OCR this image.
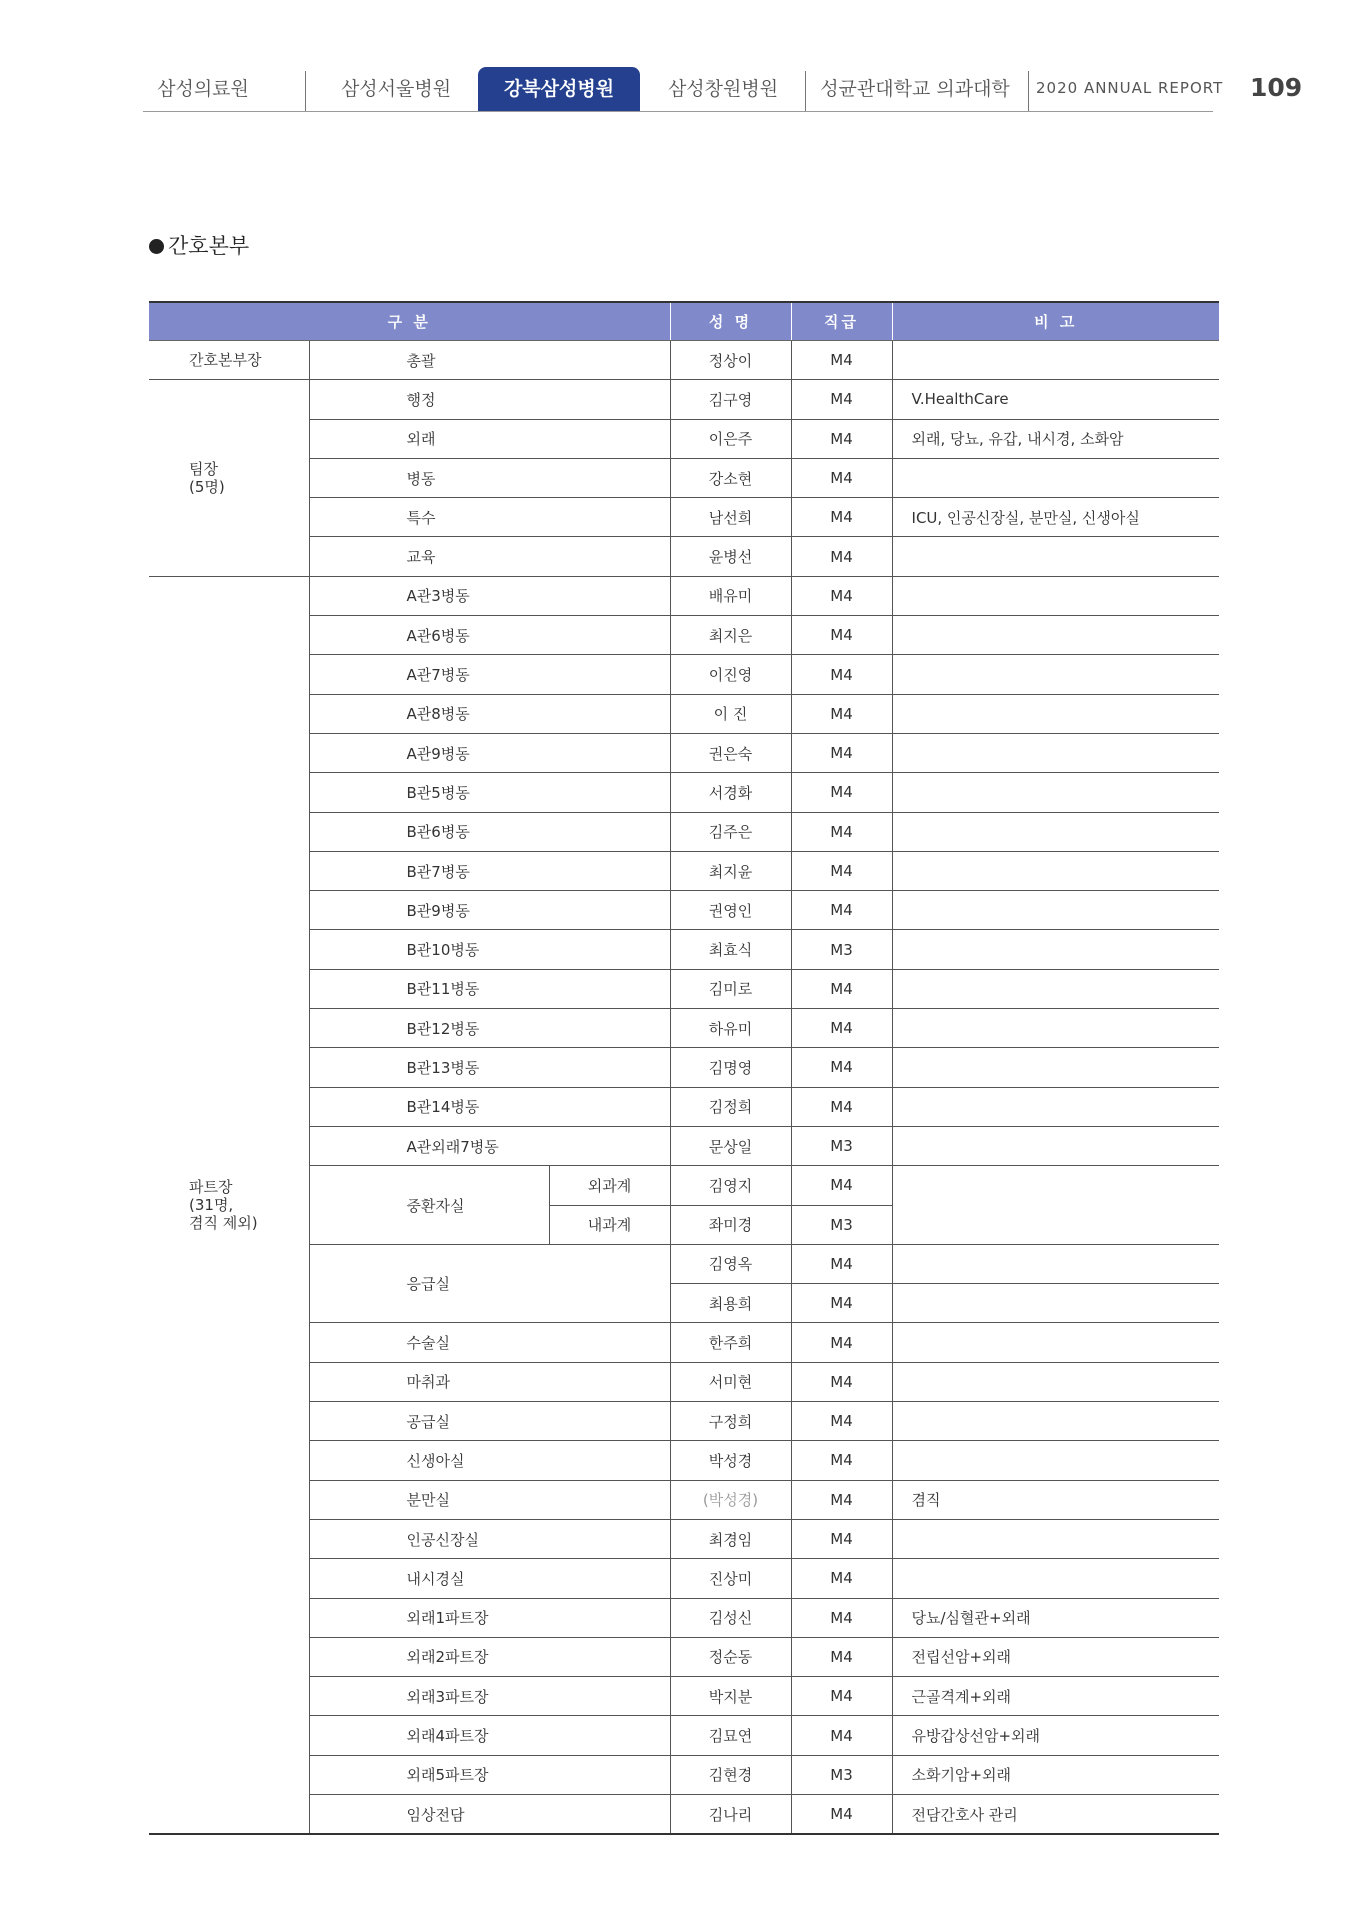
삼성의료원	삼성서울병원	강북삼성병원	삼성창원병원	성균관대학교 의과대학	2020 ANNUAL REPORT 109
간호본부
구 분			성 명	직급	비 고
간호본부장	총괄		정상이	M4	
팀장
(5명)	행정		김구영	M4	V.HealthCare
	외래		이은주	M4	외래, 당뇨, 유갑, 내시경, 소화암
	병동		강소현	M4	
	특수		남선희	M4	ICU, 인공신장실, 분만실, 신생아실
	교육		윤병선	M4	
파트장
(31명,
겸직 제외)	A관3병동		배유미	M4	
	A관6병동		최지은	M4	
	A관7병동		이진영	M4	
	A관8병동		이 진	M4	
	A관9병동		권은숙	M4	
	B관5병동		서경화	M4	
	B관6병동		김주은	M4	
	B관7병동		최지윤	M4	
	B관9병동		권영인	M4	
	B관10병동		최효식	M3	
	B관11병동		김미로	M4	
	B관12병동		하유미	M4	
	B관13병동		김명영	M4	
	B관14병동		김정희	M4	
	A관외래7병동		문상일	M3	
	중환자실	외과계	김영지	M4	
		내과계	좌미경	M3	
	응급실		김영옥	M4	
			최용희	M4	
	수술실		한주희	M4	
	마취과		서미현	M4	
	공급실		구정희	M4	
	신생아실		박성경	M4	
	분만실		(박성경)	M4	겸직
	인공신장실		최경임	M4	
	내시경실		진상미	M4	
	외래1파트장		김성신	M4	당뇨/심혈관+외래
	외래2파트장		정순동	M4	전립선암+외래
	외래3파트장		박지분	M4	근골격계+외래
	외래4파트장		김묘연	M4	유방갑상선암+외래
	외래5파트장		김현경	M3	소화기암+외래
	임상전담		김나리	M4	전담간호사 관리
